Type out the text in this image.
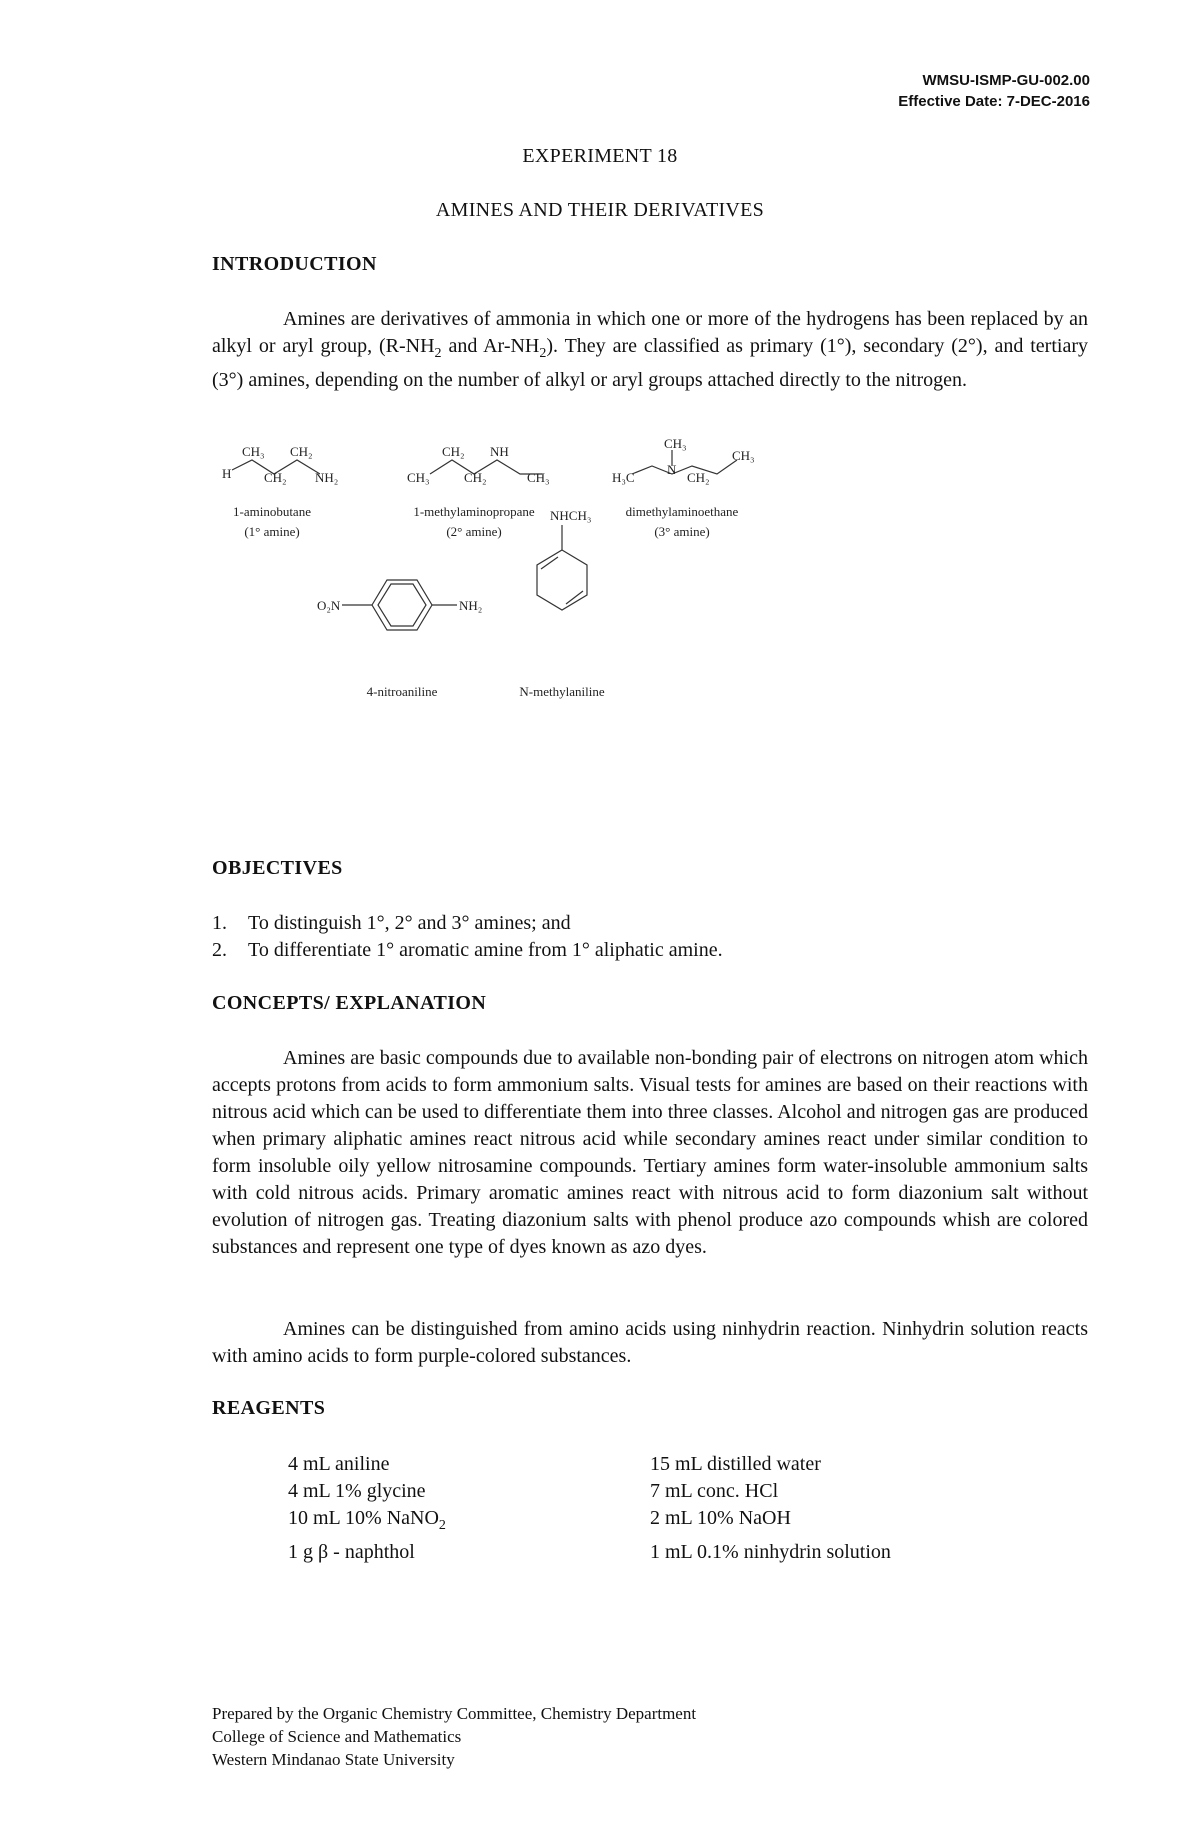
WMSU-ISMP-GU-002.00
Effective Date: 7-DEC-2016
EXPERIMENT 18
AMINES AND THEIR DERIVATIVES
INTRODUCTION

Amines are derivatives of ammonia in which one or more of the hydrogens has been replaced by an alkyl or aryl group, ($R-NH_2$ and $Ar-NH_2$). They are classified as primary (1°), secondary (2°), and tertiary (3°) amines, depending on the number of alkyl or aryl groups attached directly to the nitrogen.

H
CH₃
CH₂
CH₂
NH₂	CH₃
CH₂
CH₂
NH
CH₃	H₃C
CH₃
N
CH₂
CH₃
O₂N	NH₂
NHCH₃
1-aminobutane
(1° amine)
1-methylaminopropane
(2° amine)
dimethylaminoethane
(3° amine)
4-nitroaniline	N-methylaniline
OBJECTIVES
1.	To distinguish 1°, 2° and 3° amines; and
2.	To differentiate 1° aromatic amine from 1° aliphatic amine.
CONCEPTS/ EXPLANATION

Amines are basic compounds due to available non-bonding pair of electrons on nitrogen atom which accepts protons from acids to form ammonium salts. Visual tests for amines are based on their reactions with nitrous acid which can be used to differentiate them into three classes. Alcohol and nitrogen gas are produced when primary aliphatic amines react nitrous acid while secondary amines react under similar condition to form insoluble oily yellow nitrosamine compounds. Tertiary amines form water-insoluble ammonium salts with cold nitrous acids. Primary aromatic amines react with nitrous acid to form diazonium salt without evolution of nitrogen gas. Treating diazonium salts with phenol produce azo compounds whish are colored substances and represent one type of dyes known as azo dyes.

Amines can be distinguished from amino acids using ninhydrin reaction. Ninhydrin solution reacts with amino acids to form purple-colored substances.

REAGENTS
4 mL aniline	15 mL distilled water
4 mL 1% glycine	7 mL conc. HCl
10 mL 10% NaNO$_2$	2 mL 10% NaOH
1 g β - naphthol	1 mL 0.1% ninhydrin solution
Prepared by the Organic Chemistry Committee, Chemistry Department
College of Science and Mathematics
Western Mindanao State University
